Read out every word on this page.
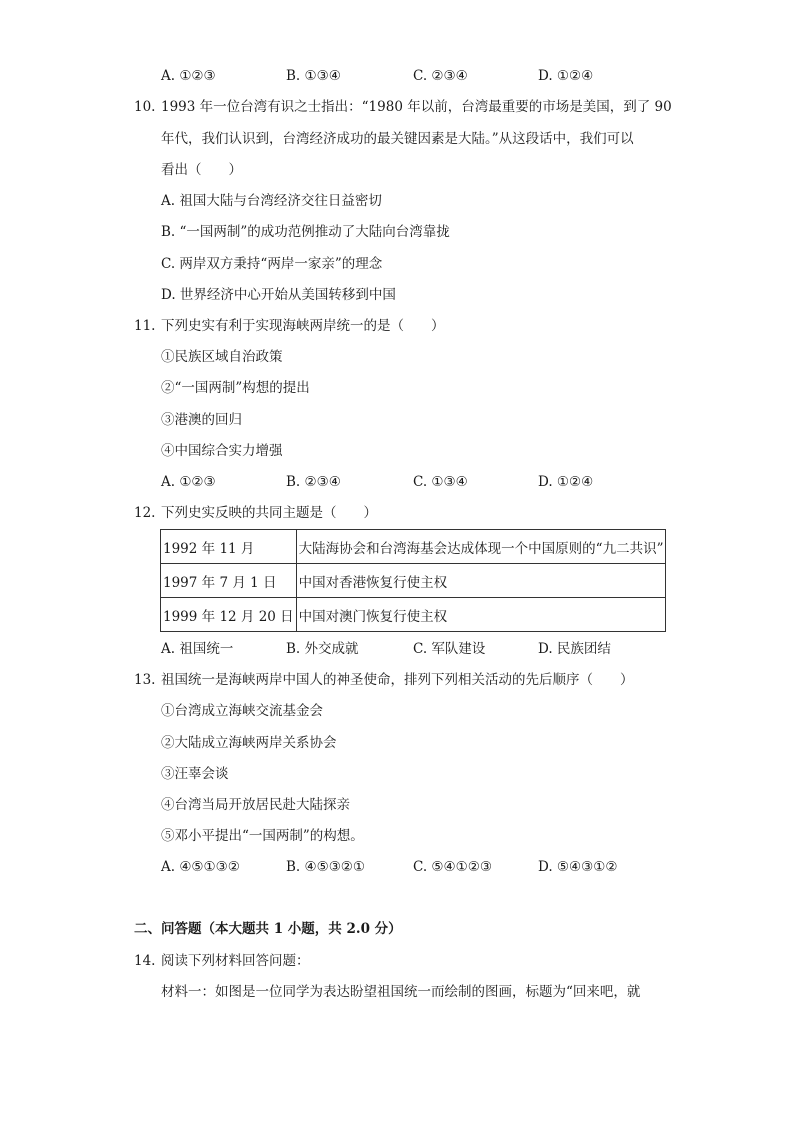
A. ①②③	B. ①③④	C. ②③④	D. ①②④
10. 1993 年一位台湾有识之士指出：“1980 年以前，台湾最重要的市场是美国，到了 90
年代，我们认识到，台湾经济成功的最关键因素是大陆。”从这段话中，我们可以
看出（　　）
A. 祖国大陆与台湾经济交往日益密切
B. “一国两制”的成功范例推动了大陆向台湾靠拢
C. 两岸双方秉持“两岸一家亲”的理念
D. 世界经济中心开始从美国转移到中国
11. 下列史实有利于实现海峡两岸统一的是（　　）
①民族区域自治政策
②“一国两制”构想的提出
③港澳的回归
④中国综合实力增强
A. ①②③	B. ②③④	C. ①③④	D. ①②④
12. 下列史实反映的共同主题是（　　）
1992 年 11 月	大陆海协会和台湾海基会达成体现一个中国原则的“九二共识”
1997 年 7 月 1 日	中国对香港恢复行使主权
1999 年 12 月 20 日	中国对澳门恢复行使主权
A. 祖国统一	B. 外交成就	C. 军队建设	D. 民族团结
13. 祖国统一是海峡两岸中国人的神圣使命，排列下列相关活动的先后顺序（　　）
①台湾成立海峡交流基金会
②大陆成立海峡两岸关系协会
③汪辜会谈
④台湾当局开放居民赴大陆探亲
⑤邓小平提出“一国两制”的构想。
A. ④⑤①③②	B. ④⑤③②①	C. ⑤④①②③	D. ⑤④③①②
二、问答题（本大题共 1 小题，共 2.0 分）
14. 阅读下列材料回答问题：
材料一：如图是一位同学为表达盼望祖国统一而绘制的图画，标题为“回来吧，就
